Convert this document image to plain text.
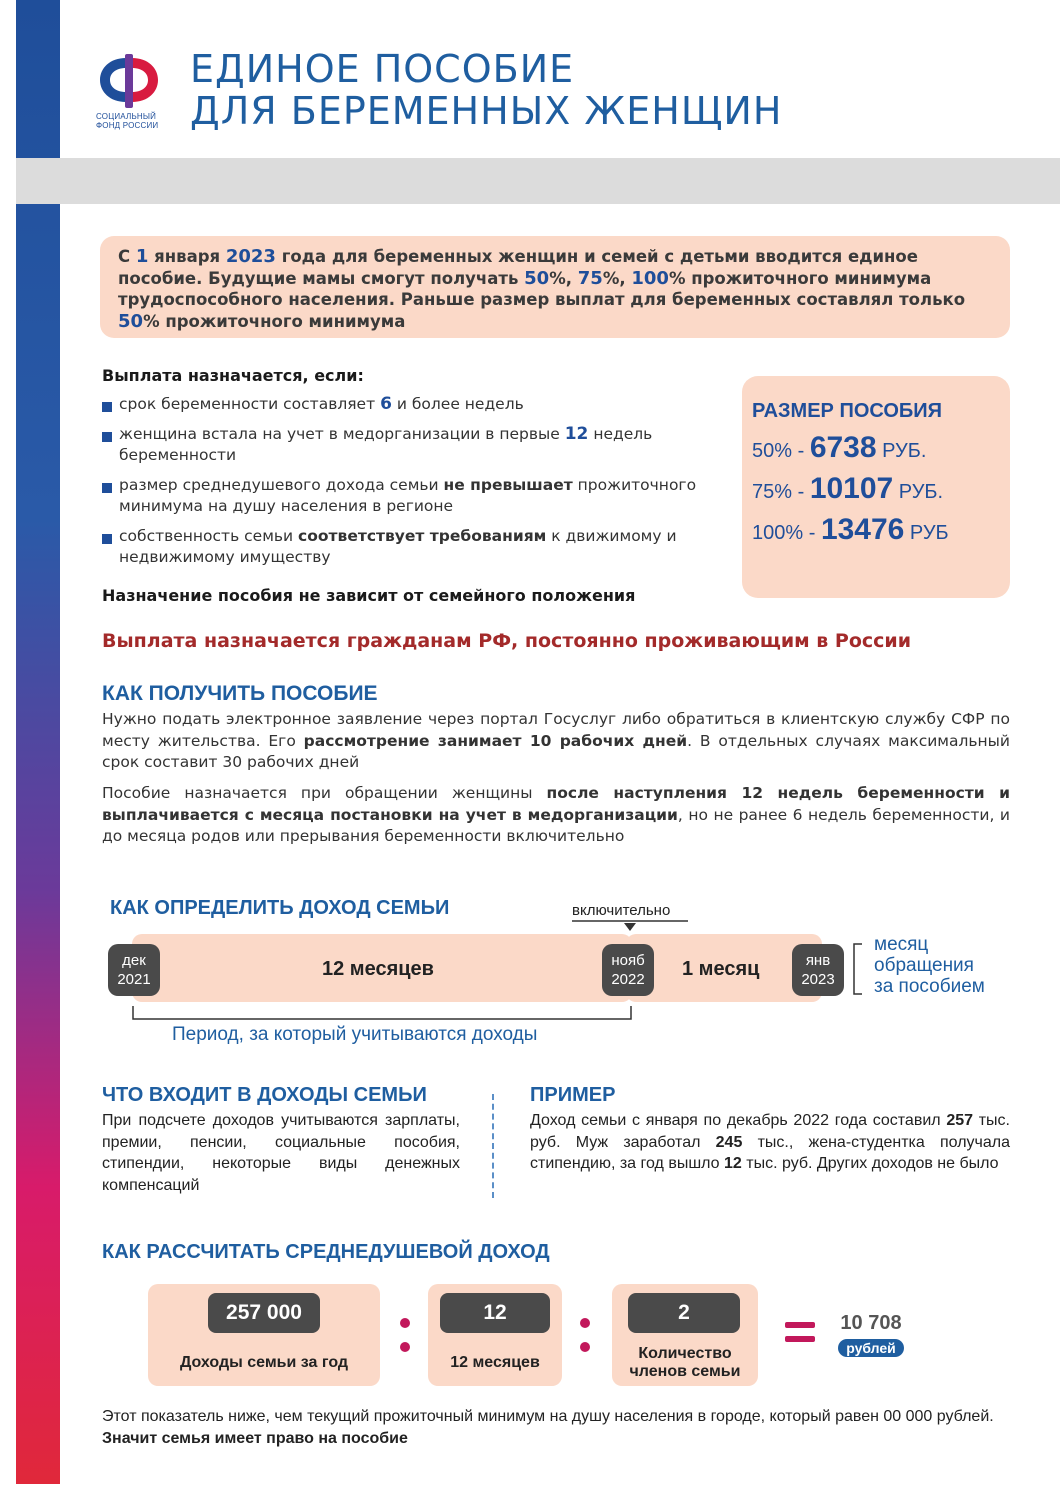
СОЦИАЛЬНЫЙ
ФОНД РОССИИ
ЕДИНОЕ ПОСОБИЕ
ДЛЯ БЕРЕМЕННЫХ ЖЕНЩИН
С 1 января 2023 года для беременных женщин и семей с детьми вводится единое пособие. Будущие мамы смогут получать 50%, 75%, 100% прожиточного минимума трудоспособного населения. Раньше размер выплат для беременных составлял только 50% прожиточного минимума
Выплата назначается, если:
срок беременности составляет 6 и более недель
женщина встала на учет в медорганизации в первые 12 недель беременности
размер среднедушевого дохода семьи не превышает прожиточного минимума на душу населения в регионе
собственность семьи соответствует требованиям к движимому и недвижимому имуществу
Назначение пособия не зависит от семейного положения
РАЗМЕР ПОСОБИЯ
50% - 6738 РУБ.
75% - 10107 РУБ.
100% - 13476 РУБ
Выплата назначается гражданам РФ, постоянно проживающим в России
КАК ПОЛУЧИТЬ ПОСОБИЕ
Нужно подать электронное заявление через портал Госуслуг либо обратиться в клиентскую службу СФР по месту жительства. Его рассмотрение занимает 10 рабочих дней. В отдельных случаях максимальный срок составит 30 рабочих дней
Пособие назначается при обращении женщины после наступления 12 недель беременности и выплачивается с месяца постановки на учет в медорганизации, но не ранее 6 недель беременности, и до месяца родов или прерывания беременности включительно
КАК ОПРЕДЕЛИТЬ ДОХОД СЕМЬИ	включительно
дек
2021
нояб
2022
янв
2023
12 месяцев	1 месяц
месяц
обращения
за пособием
Период, за который учитываются доходы
ЧТО ВХОДИТ В ДОХОДЫ СЕМЬИ
При подсчете доходов учитываются зарплаты, премии, пенсии, социальные пособия, стипендии, некоторые виды денежных компенсаций
ПРИМЕР
Доход семьи с января по декабрь 2022 года составил 257 тыс. руб. Муж заработал 245 тыс., жена-студентка получала стипендию, за год вышло 12 тыс. руб. Других доходов не было
КАК РАССЧИТАТЬ СРЕДНЕДУШЕВОЙ ДОХОД
257 000
Доходы семьи за год
12
12 месяцев
2
Количество
членов семьи
10 708
рублей
Этот показатель ниже, чем текущий прожиточный минимум на душу населения в городе, который равен 00 000 рублей. Значит семья имеет право на пособие
